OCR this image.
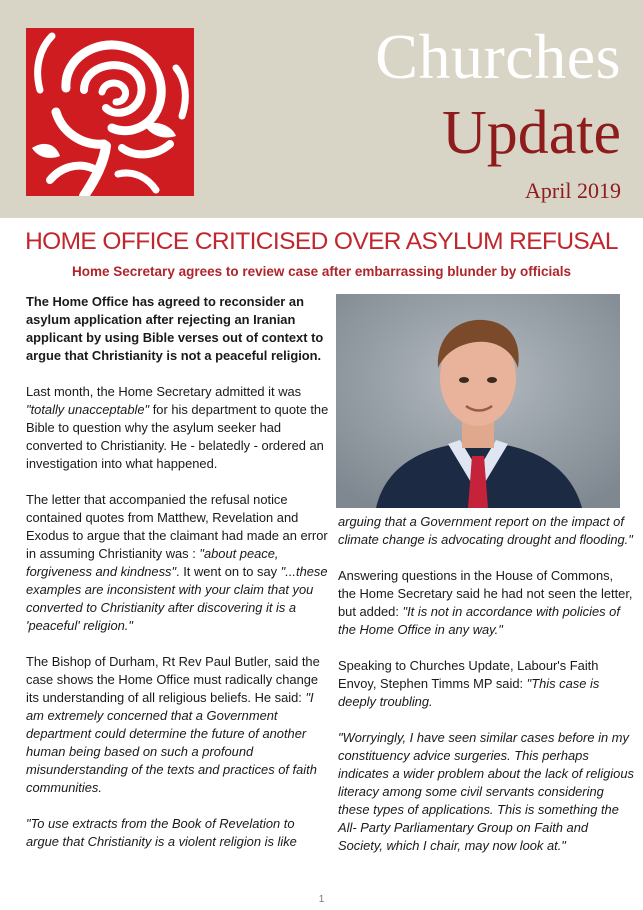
Churches
Update
April 2019
HOME OFFICE CRITICISED OVER ASYLUM REFUSAL
Home Secretary agrees to review case after embarrassing blunder by officials

The Home Office has agreed to reconsider an asylum application after rejecting an Iranian applicant by using Bible verses out of context to argue that Christianity is not a peaceful religion.

Last month, the Home Secretary admitted it was "totally unacceptable" for his department to quote the Bible to question why the asylum seeker had converted to Christianity. He - belatedly - ordered an investigation into what happened.

The letter that accompanied the refusal notice contained quotes from Matthew, Revelation and Exodus to argue that the claimant had made an error in assuming Christianity was : "about peace, forgiveness and kindness". It went on to say "...these examples are inconsistent with your claim that you converted to Christianity after discovering it is a 'peaceful' religion."

The Bishop of Durham, Rt Rev Paul Butler, said the case shows the Home Office must radically change its understanding of all religious beliefs. He said: "I am extremely concerned that a Government department could determine the future of another human being based on such a profound misunderstanding of the texts and practices of faith communities.

"To use extracts from the Book of Revelation to argue that Christianity is a violent religion is like

arguing that a Government report on the impact of climate change is advocating drought and flooding."

Answering questions in the House of Commons, the Home Secretary said he had not seen the letter, but added: "It is not in accordance with policies of the Home Office in any way."

Speaking to Churches Update, Labour's Faith Envoy, Stephen Timms MP said: "This case is deeply troubling.

"Worryingly, I have seen similar cases before in my constituency advice surgeries. This perhaps indicates a wider problem about the lack of religious literacy among some civil servants considering these types of applications. This is something the All- Party Parliamentary Group on Faith and Society, which I chair, may now look at."

1
